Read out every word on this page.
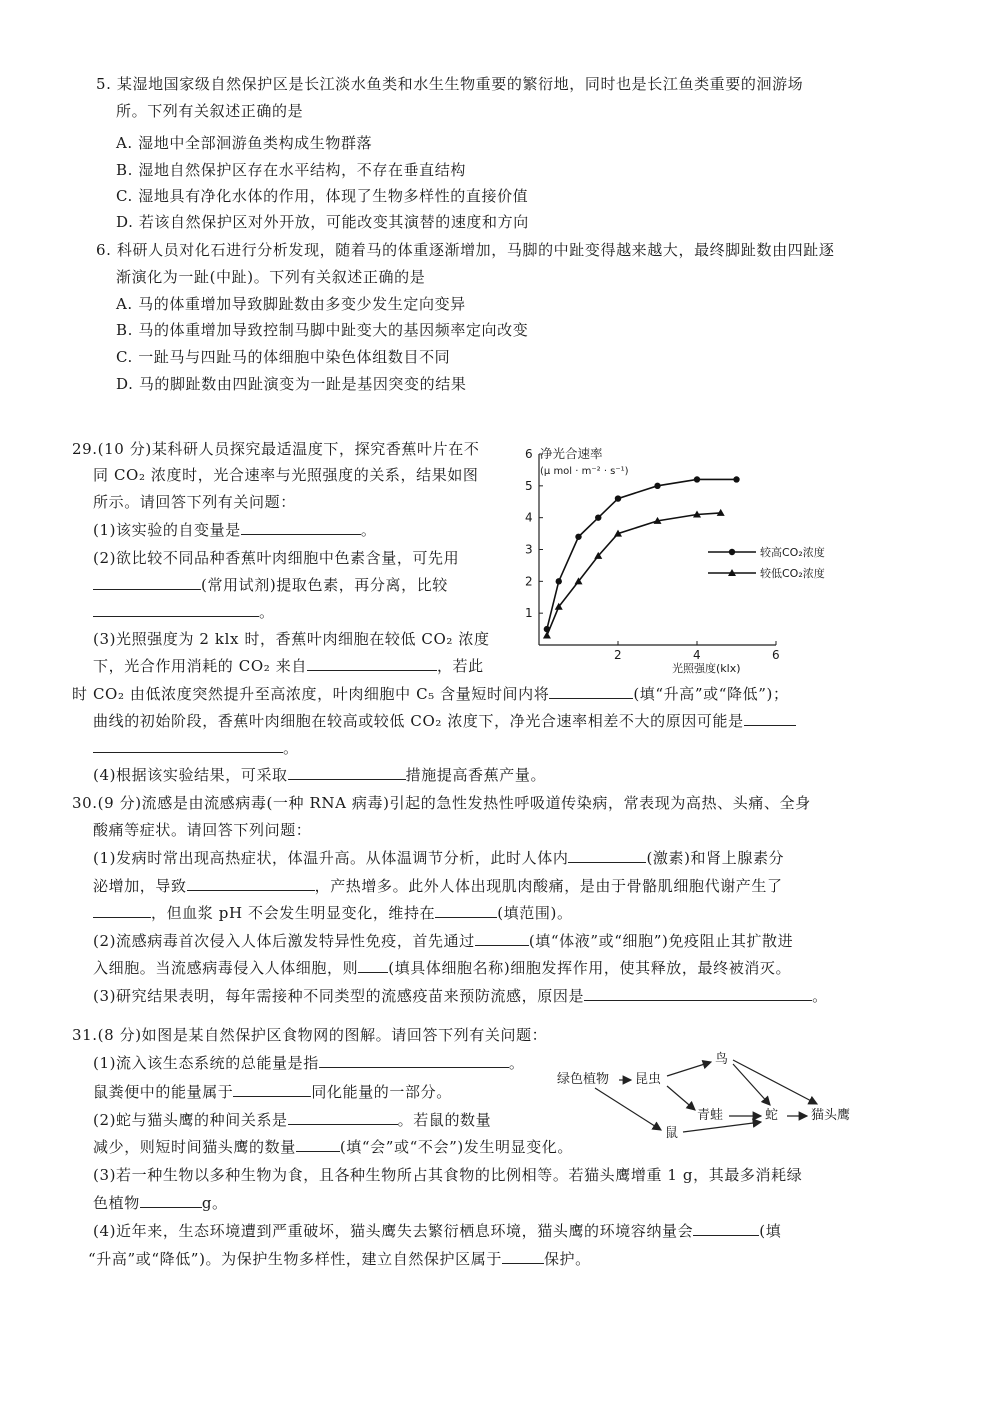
5. 某湿地国家级自然保护区是长江淡水鱼类和水生生物重要的繁衍地，同时也是长江鱼类重要的洄游场
所。下列有关叙述正确的是
A. 湿地中全部洄游鱼类构成生物群落
B. 湿地自然保护区存在水平结构，不存在垂直结构
C. 湿地具有净化水体的作用，体现了生物多样性的直接价值
D. 若该自然保护区对外开放，可能改变其演替的速度和方向
6. 科研人员对化石进行分析发现，随着马的体重逐渐增加，马脚的中趾变得越来越大，最终脚趾数由四趾逐
渐演化为一趾(中趾)。下列有关叙述正确的是
A. 马的体重增加导致脚趾数由多变少发生定向变异
B. 马的体重增加导致控制马脚中趾变大的基因频率定向改变
C. 一趾马与四趾马的体细胞中染色体组数目不同
D. 马的脚趾数由四趾演变为一趾是基因突变的结果
29.(10 分)某科研人员探究最适温度下，探究香蕉叶片在不
同 CO₂ 浓度时，光合速率与光照强度的关系，结果如图
所示。请回答下列有关问题：
(1)该实验的自变量是	。
(2)欲比较不同品种香蕉叶肉细胞中色素含量，可先用
(常用试剂)提取色素，再分离，比较
。
(3)光照强度为 2 klx 时，香蕉叶肉细胞在较低 CO₂ 浓度
下，光合作用消耗的 CO₂ 来自	，若此
时 CO₂ 由低浓度突然提升至高浓度，叶肉细胞中 C₅ 含量短时间内将	(填“升高”或“降低”)；
曲线的初始阶段，香蕉叶肉细胞在较高或较低 CO₂ 浓度下，净光合速率相差不大的原因可能是
。
(4)根据该实验结果，可采取	措施提高香蕉产量。
1
2
3
4
5
6
2	4	6
较高CO₂浓度
较低CO₂浓度
净光合速率
(μ mol · m⁻² · s⁻¹)
光照强度(klx)
30.(9 分)流感是由流感病毒(一种 RNA 病毒)引起的急性发热性呼吸道传染病，常表现为高热、头痛、全身
酸痛等症状。请回答下列问题：
(1)发病时常出现高热症状，体温升高。从体温调节分析，此时人体内	(激素)和肾上腺素分
泌增加，导致	，产热增多。此外人体出现肌肉酸痛，是由于骨骼肌细胞代谢产生了
，但血浆 pH 不会发生明显变化，维持在	(填范围)。
(2)流感病毒首次侵入人体后激发特异性免疫，首先通过	(填“体液”或“细胞”)免疫阻止其扩散进
入细胞。当流感病毒侵入人体细胞，则 (填具体细胞名称)细胞发挥作用，使其释放，最终被消灭。
(3)研究结果表明，每年需接种不同类型的流感疫苗来预防流感，原因是	。
31.(8 分)如图是某自然保护区食物网的图解。请回答下列有关问题：
(1)流入该生态系统的总能量是指	。
鼠粪便中的能量属于	同化能量的一部分。
(2)蛇与猫头鹰的种间关系是	。若鼠的数量
减少，则短时间猫头鹰的数量	(填“会”或“不会”)发生明显变化。
(3)若一种生物以多种生物为食，且各种生物所占其食物的比例相等。若猫头鹰增重 1 g，其最多消耗绿
色植物	g。
(4)近年来，生态环境遭到严重破坏，猫头鹰失去繁衍栖息环境，猫头鹰的环境容纳量会	(填
“升高”或“降低”)。为保护生物多样性，建立自然保护区属于	保护。
绿色植物 昆虫
鸟
青蛙	蛇	猫头鹰
鼠
